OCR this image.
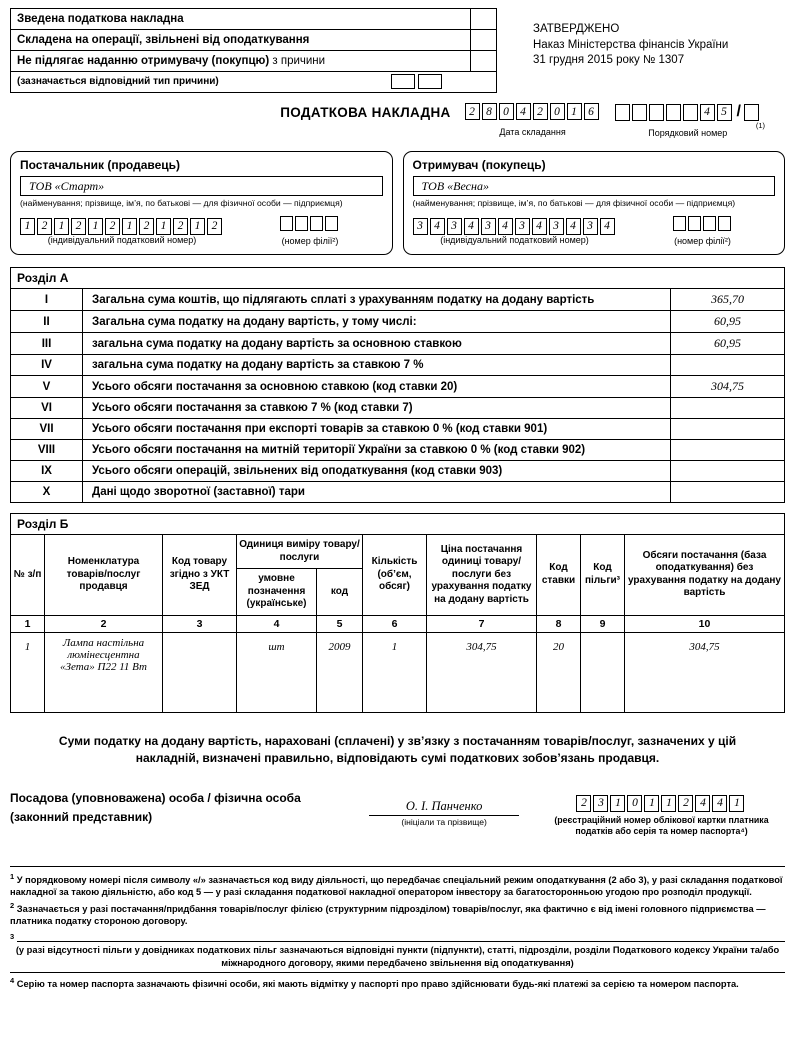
Зведена податкова накладна
Складена на операції, звільнені від оподаткування
Не підлягає наданню отримувачу (покупцю) з причини
(зазначається відповідний тип причини)
ЗАТВЕРДЖЕНО
Наказ Міністерства фінансів України
31 грудня 2015 року № 1307
ПОДАТКОВА НАКЛАДНА	2 8 0 4 2 0 1 6
Дата складання
4 5 /
Порядковий номер
(1)
Постачальник (продавець)
ТОВ «Старт»
(найменування; прізвище, ім’я, по батькові — для фізичної особи — підприємця)
1 2 1 2 1 2 1 2 1 2 1 2
(індивідуальний податковий номер)	(номер філії²)
Отримувач (покупець)
ТОВ «Весна»
(найменування; прізвище, ім’я, по батькові — для фізичної особи — підприємця)
3 4 3 4 3 4 3 4 3 4 3 4
(індивідуальний податковий номер)	(номер філії²)
Розділ А		
I	Загальна сума коштів, що підлягають сплаті з урахуванням податку на додану вартість	365,70
II	Загальна сума податку на додану вартість, у тому числі:	60,95
III	загальна сума податку на додану вартість за основною ставкою	60,95
IV	загальна сума податку на додану вартість за ставкою 7 %	
V	Усього обсяги постачання за основною ставкою (код ставки 20)	304,75
VI	Усього обсяги постачання за ставкою 7 % (код ставки 7)	
VII	Усього обсяги постачання при експорті товарів за ставкою 0 % (код ставки 901)	
VIII	Усього обсяги постачання на митній території України за ставкою 0 % (код ставки 902)	
IX	Усього обсяги операцій, звільнених від оподаткування (код ставки 903)	
X	Дані щодо зворотної (заставної) тари	
Розділ Б									
№ з/п	Номенклатура товарів/послуг продавця	Код товару згідно з УКТ ЗЕД	Одиниця виміру товару/послуги		Кількість (об’єм, обсяг)	Ціна постачання одиниці товару/послуги без урахування податку на додану вартість	Код ставки	Код пільги³	Обсяги постачання (база оподаткування) без урахування податку на додану вартість
			умовне позначення (українське)	код					
1	2	3	4	5	6	7	8	9	10
1	Лампа настільна люмінесцентна «Зета» П22 11 Вт		шт	2009	1	304,75	20		304,75
Суми податку на додану вартість, нараховані (сплачені) у зв’язку з постачанням товарів/послуг, зазначених у цій накладній, визначені правильно, відповідають сумі податкових зобов’язань продавця.
Посадова (уповноважена) особа / фізична особа
(законний представник)
О. І. Панченко
(ініціали та прізвище)
2 3 1 0 1 1 2 4 4 1
(реєстраційний номер облікової картки платника податків або серія та номер паспорта⁴)

$^1$ У порядковому номері після символу «/» зазначається код виду діяльності, що передбачає спеціальний режим оподаткування (2 або 3), у разі складання податкової накладної за такою діяльністю, або код 5 — у разі складання податкової накладної оператором інвестору за багатосторонньою угодою про розподіл продукції.

$^2$ Зазначається у разі постачання/придбання товарів/послуг філією (структурним підрозділом) товарів/послуг, яка фактично є від імені головного підприємства — платника податку стороною договору.

3
(у разі відсутності пільги у довідниках податкових пільг зазначаються відповідні пункти (підпункти), статті, підрозділи, розділи Податкового кодексу України та/або міжнародного договору, якими передбачено звільнення від оподаткування)

$^4$ Серію та номер паспорта зазначають фізичні особи, які мають відмітку у паспорті про право здійснювати будь-які платежі за серією та номером паспорта.
